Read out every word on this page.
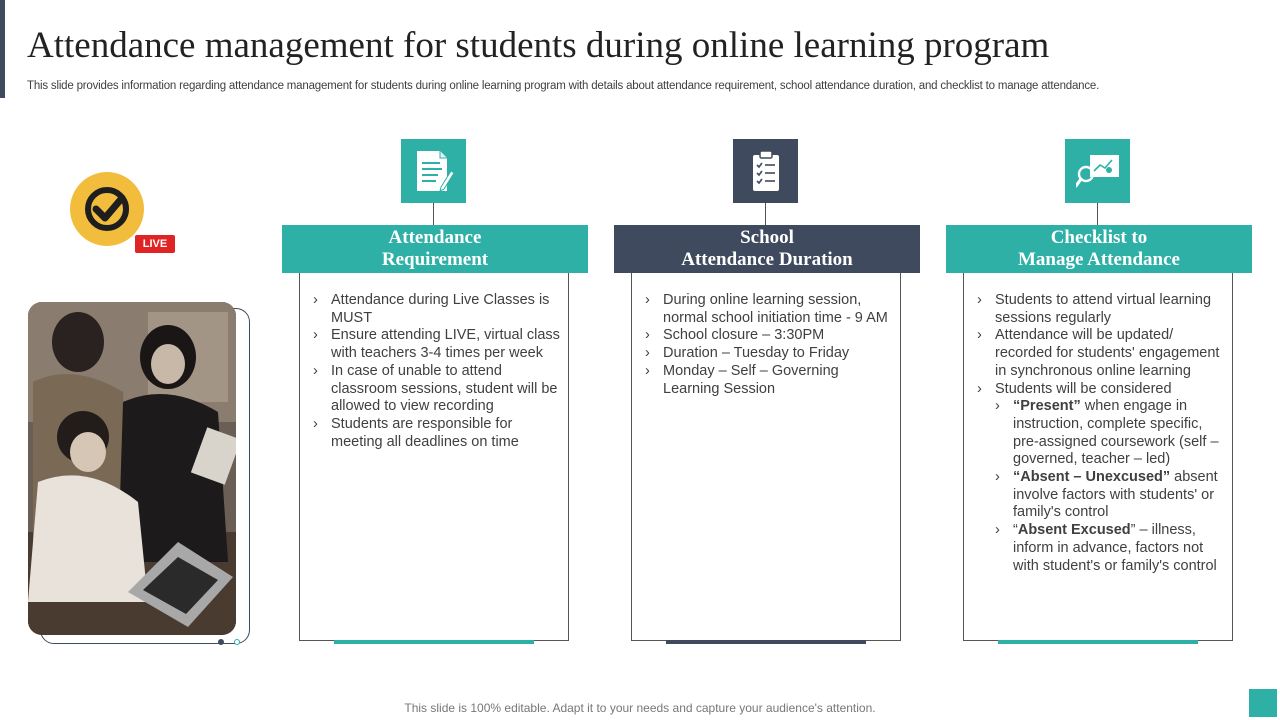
Attendance management for students during online learning program
This slide provides information regarding attendance management for students during online learning program with details about attendance requirement, school attendance duration, and checklist to manage attendance.
LIVE	Attendance
Requirement
› Attendance during Live Classes is MUST
› Ensure attending LIVE, virtual class with teachers 3-4 times per week
› In case of unable to attend classroom sessions, student will be allowed to view recording
› Students are responsible for meeting all deadlines on time
School
Attendance Duration
› During online learning session, normal school initiation time - 9 AM
› School closure – 3:30PM
› Duration – Tuesday to Friday
› Monday – Self – Governing Learning Session
Checklist to
Manage Attendance
› Students to attend virtual learning sessions regularly
› Attendance will be updated/ recorded for students' engagement in synchronous online learning
› Students will be considered
› “Present” when engage in instruction, complete specific, pre-assigned coursework (self – governed, teacher – led)
› “Absent – Unexcused” absent involve factors with students' or family's control
› “Absent Excused” – illness, inform in advance, factors not with student's or family's control
This slide is 100% editable. Adapt it to your needs and capture your audience's attention.
